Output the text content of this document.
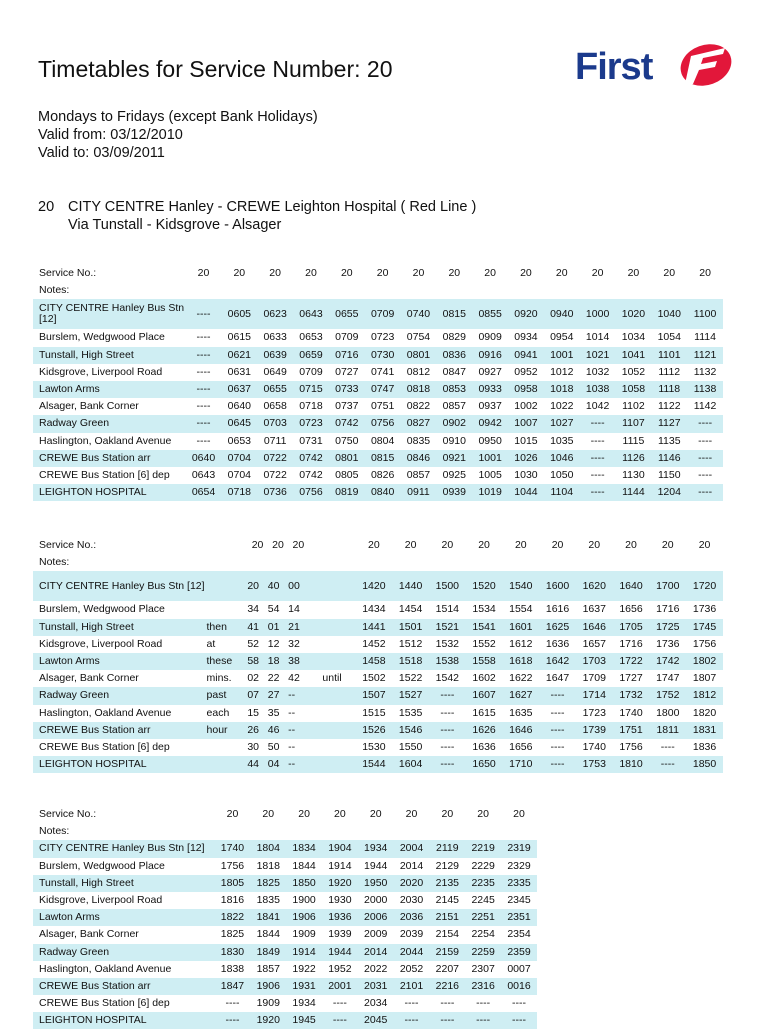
Timetables for Service Number: 20	First
Mondays to Fridays (except Bank Holidays)
Valid from: 03/12/2010
Valid to: 03/09/2011
20 CITY CENTRE Hanley - CREWE Leighton Hospital ( Red Line )
Via Tunstall - Kidsgrove - Alsager
Service No.:	20	20	20	20	20	20	20	20	20	20	20	20	20	20	20
Notes:															
CITY CENTRE Hanley Bus Stn [12]	----	0605	0623	0643	0655	0709	0740	0815	0855	0920	0940	1000	1020	1040	1100
Burslem, Wedgwood Place	----	0615	0633	0653	0709	0723	0754	0829	0909	0934	0954	1014	1034	1054	1114
Tunstall, High Street	----	0621	0639	0659	0716	0730	0801	0836	0916	0941	1001	1021	1041	1101	1121
Kidsgrove, Liverpool Road	----	0631	0649	0709	0727	0741	0812	0847	0927	0952	1012	1032	1052	1112	1132
Lawton Arms	----	0637	0655	0715	0733	0747	0818	0853	0933	0958	1018	1038	1058	1118	1138
Alsager, Bank Corner	----	0640	0658	0718	0737	0751	0822	0857	0937	1002	1022	1042	1102	1122	1142
Radway Green	----	0645	0703	0723	0742	0756	0827	0902	0942	1007	1027	----	1107	1127	----
Haslington, Oakland Avenue	----	0653	0711	0731	0750	0804	0835	0910	0950	1015	1035	----	1115	1135	----
CREWE Bus Station arr	0640	0704	0722	0742	0801	0815	0846	0921	1001	1026	1046	----	1126	1146	----
CREWE Bus Station [6] dep	0643	0704	0722	0742	0805	0826	0857	0925	1005	1030	1050	----	1130	1150	----
LEIGHTON HOSPITAL	0654	0718	0736	0756	0819	0840	0911	0939	1019	1044	1104	----	1144	1204	----
Service No.:		20	20	20		20	20	20	20	20	20	20	20	20	20
Notes:															
CITY CENTRE Hanley Bus Stn [12]		20	40	00		1420	1440	1500	1520	1540	1600	1620	1640	1700	1720
Burslem, Wedgwood Place		34	54	14		1434	1454	1514	1534	1554	1616	1637	1656	1716	1736
Tunstall, High Street	then	41	01	21		1441	1501	1521	1541	1601	1625	1646	1705	1725	1745
Kidsgrove, Liverpool Road	at	52	12	32		1452	1512	1532	1552	1612	1636	1657	1716	1736	1756
Lawton Arms	these	58	18	38		1458	1518	1538	1558	1618	1642	1703	1722	1742	1802
Alsager, Bank Corner	mins.	02	22	42	until	1502	1522	1542	1602	1622	1647	1709	1727	1747	1807
Radway Green	past	07	27	--		1507	1527	----	1607	1627	----	1714	1732	1752	1812
Haslington, Oakland Avenue	each	15	35	--		1515	1535	----	1615	1635	----	1723	1740	1800	1820
CREWE Bus Station arr	hour	26	46	--		1526	1546	----	1626	1646	----	1739	1751	1811	1831
CREWE Bus Station [6] dep		30	50	--		1530	1550	----	1636	1656	----	1740	1756	----	1836
LEIGHTON HOSPITAL		44	04	--		1544	1604	----	1650	1710	----	1753	1810	----	1850
Service No.:	20	20	20	20	20	20	20	20	20
Notes:									
CITY CENTRE Hanley Bus Stn [12]	1740	1804	1834	1904	1934	2004	2119	2219	2319
Burslem, Wedgwood Place	1756	1818	1844	1914	1944	2014	2129	2229	2329
Tunstall, High Street	1805	1825	1850	1920	1950	2020	2135	2235	2335
Kidsgrove, Liverpool Road	1816	1835	1900	1930	2000	2030	2145	2245	2345
Lawton Arms	1822	1841	1906	1936	2006	2036	2151	2251	2351
Alsager, Bank Corner	1825	1844	1909	1939	2009	2039	2154	2254	2354
Radway Green	1830	1849	1914	1944	2014	2044	2159	2259	2359
Haslington, Oakland Avenue	1838	1857	1922	1952	2022	2052	2207	2307	0007
CREWE Bus Station arr	1847	1906	1931	2001	2031	2101	2216	2316	0016
CREWE Bus Station [6] dep	----	1909	1934	----	2034	----	----	----	----
LEIGHTON HOSPITAL	----	1920	1945	----	2045	----	----	----	----
